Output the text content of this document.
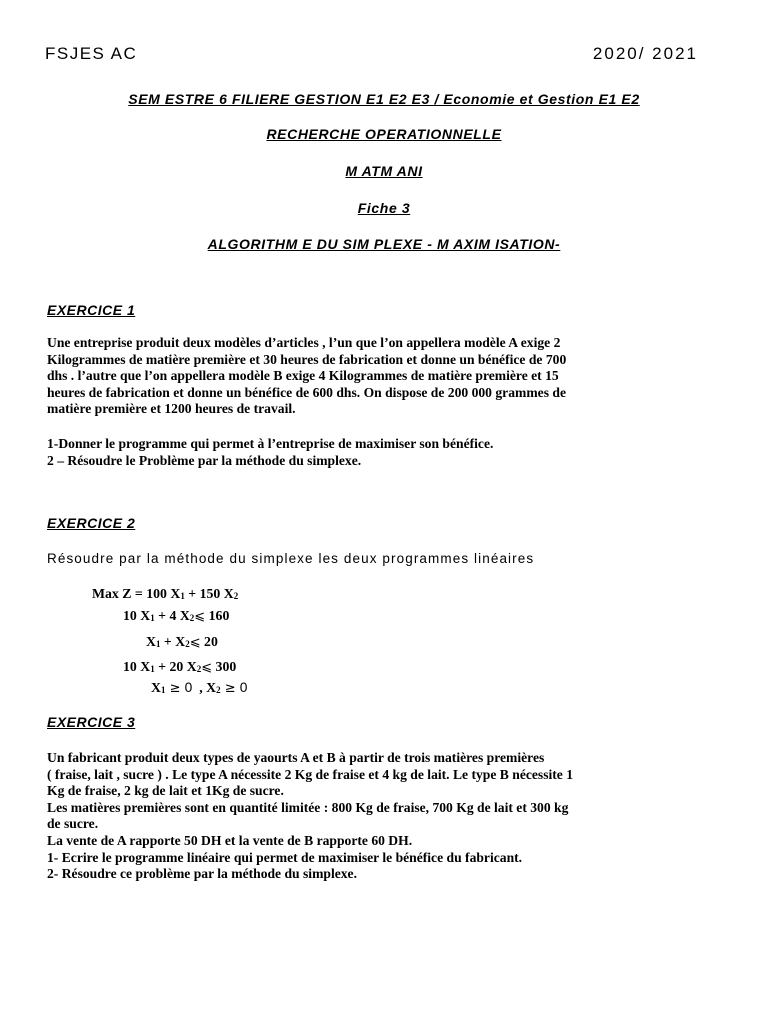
FSJES AC	2020/ 2021
SEM ESTRE 6 FILIERE GESTION E1 E2 E3 / Economie et Gestion E1 E2
RECHERCHE OPERATIONNELLE
M ATM ANI
Fiche 3
ALGORITHM E DU SIM PLEXE - M AXIM ISATION-
EXERCICE 1

Une entreprise produit deux modèles d’articles , l’un que l’on appellera modèle A exige 2

Kilogrammes de matière première et 30 heures de fabrication et donne un bénéfice de 700

dhs . l’autre que l’on appellera modèle B exige 4 Kilogrammes de matière première et 15

heures de fabrication et donne un bénéfice de 600 dhs. On dispose de 200 000 grammes de

matière première et 1200 heures de travail.

1-Donner le programme qui permet à l’entreprise de maximiser son bénéfice.

2 – Résoudre le Problème par la méthode du simplexe.

EXERCICE 2
Résoudre par la méthode du simplexe les deux programmes linéaires
Max Z = 100 $X_1 + 150$ $X_2$
10 $X_1 + 4$ $X_2⩽$ 160
$X_1$ + $X_2⩽$ 20
10 $X_1 + 20$ $X_2⩽$ 300
$X_1 \ge 0$  , $X_2 \ge 0$
EXERCICE 3

Un fabricant produit deux types de yaourts A et B à partir de trois matières premières

( fraise, lait , sucre ) . Le type A nécessite 2 Kg de fraise et 4 kg de lait. Le type B nécessite 1

Kg de fraise, 2 kg de lait et 1Kg de sucre.

Les matières premières sont en quantité limitée : 800 Kg de fraise, 700 Kg de lait et 300 kg

de sucre.

La vente de A rapporte 50 DH et la vente de B rapporte 60 DH.

1- Ecrire le programme linéaire qui permet de maximiser le bénéfice du fabricant.

2- Résoudre ce problème par la méthode du simplexe.
